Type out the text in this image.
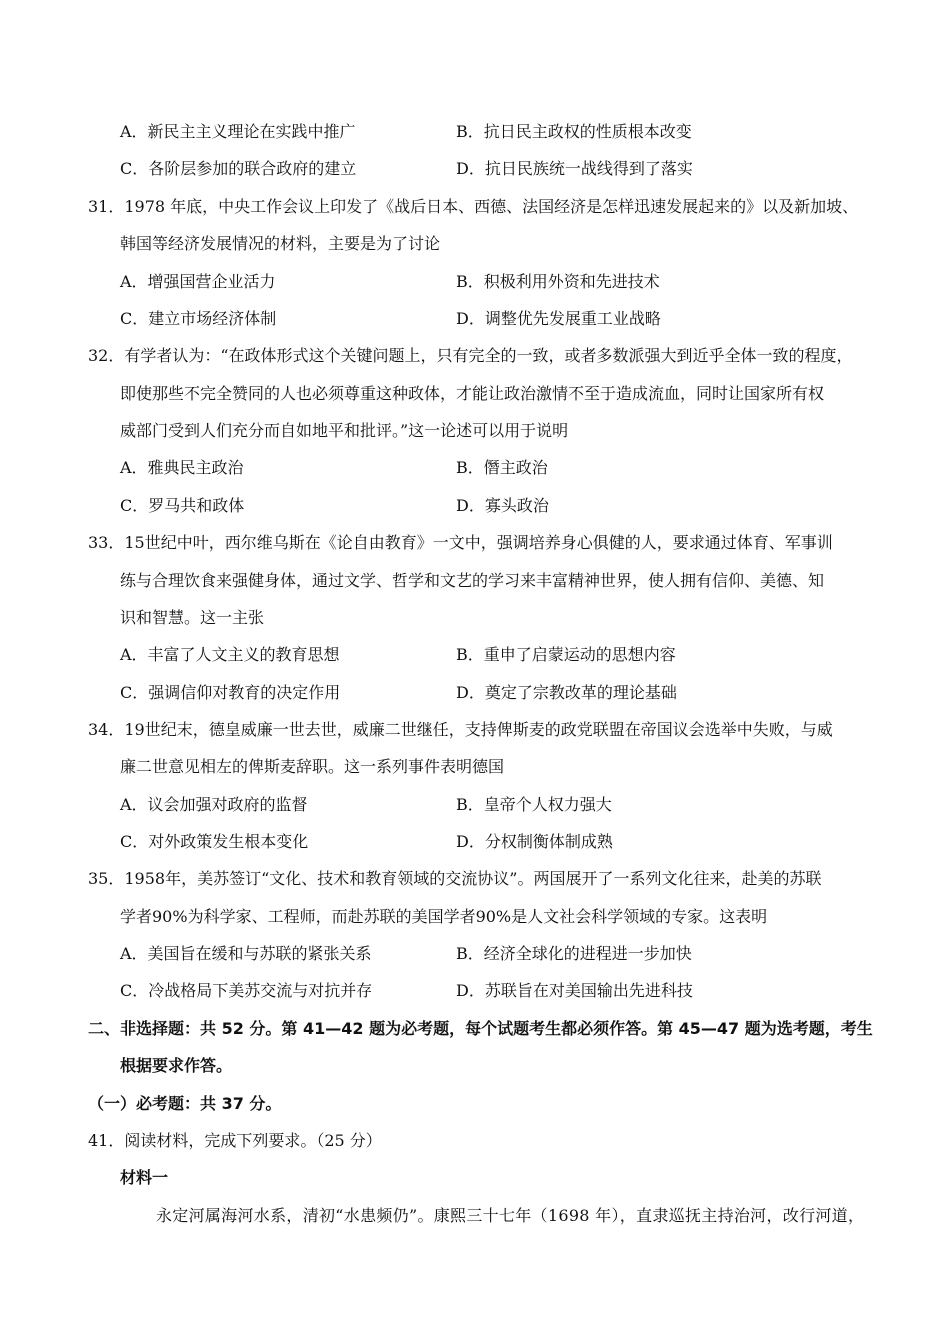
A．新民主主义理论在实践中推广	B．抗日民主政权的性质根本改变
C．各阶层参加的联合政府的建立	D．抗日民族统一战线得到了落实
31．1978 年底，中央工作会议上印发了《战后日本、西德、法国经济是怎样迅速发展起来的》以及新加坡、
韩国等经济发展情况的材料，主要是为了讨论
A．增强国营企业活力	B．积极利用外资和先进技术
C．建立市场经济体制	D．调整优先发展重工业战略
32．有学者认为：“在政体形式这个关键问题上，只有完全的一致，或者多数派强大到近乎全体一致的程度，
即使那些不完全赞同的人也必须尊重这种政体，才能让政治激情不至于造成流血，同时让国家所有权
威部门受到人们充分而自如地平和批评。”这一论述可以用于说明
A．雅典民主政治	B．僭主政治
C．罗马共和政体	D．寡头政治
33．15世纪中叶，西尔维乌斯在《论自由教育》一文中，强调培养身心俱健的人，要求通过体育、军事训
练与合理饮食来强健身体，通过文学、哲学和文艺的学习来丰富精神世界，使人拥有信仰、美德、知
识和智慧。这一主张
A．丰富了人文主义的教育思想	B．重申了启蒙运动的思想内容
C．强调信仰对教育的决定作用	D．奠定了宗教改革的理论基础
34．19世纪末，德皇威廉一世去世，威廉二世继任，支持俾斯麦的政党联盟在帝国议会选举中失败，与威
廉二世意见相左的俾斯麦辞职。这一系列事件表明德国
A．议会加强对政府的监督	B．皇帝个人权力强大
C．对外政策发生根本变化	D．分权制衡体制成熟
35．1958年，美苏签订“文化、技术和教育领域的交流协议”。两国展开了一系列文化往来，赴美的苏联
学者90%为科学家、工程师，而赴苏联的美国学者90%是人文社会科学领域的专家。这表明
A．美国旨在缓和与苏联的紧张关系	B．经济全球化的进程进一步加快
C．冷战格局下美苏交流与对抗并存	D．苏联旨在对美国输出先进科技
二、非选择题：共 52 分。第 41—42 题为必考题，每个试题考生都必须作答。第 45—47 题为选考题，考生
根据要求作答。
（一）必考题：共 37 分。
41．阅读材料，完成下列要求。（25 分）
材料一
永定河属海河水系，清初“水患频仍”。康熙三十七年（1698 年），直隶巡抚主持治河，改行河道，
